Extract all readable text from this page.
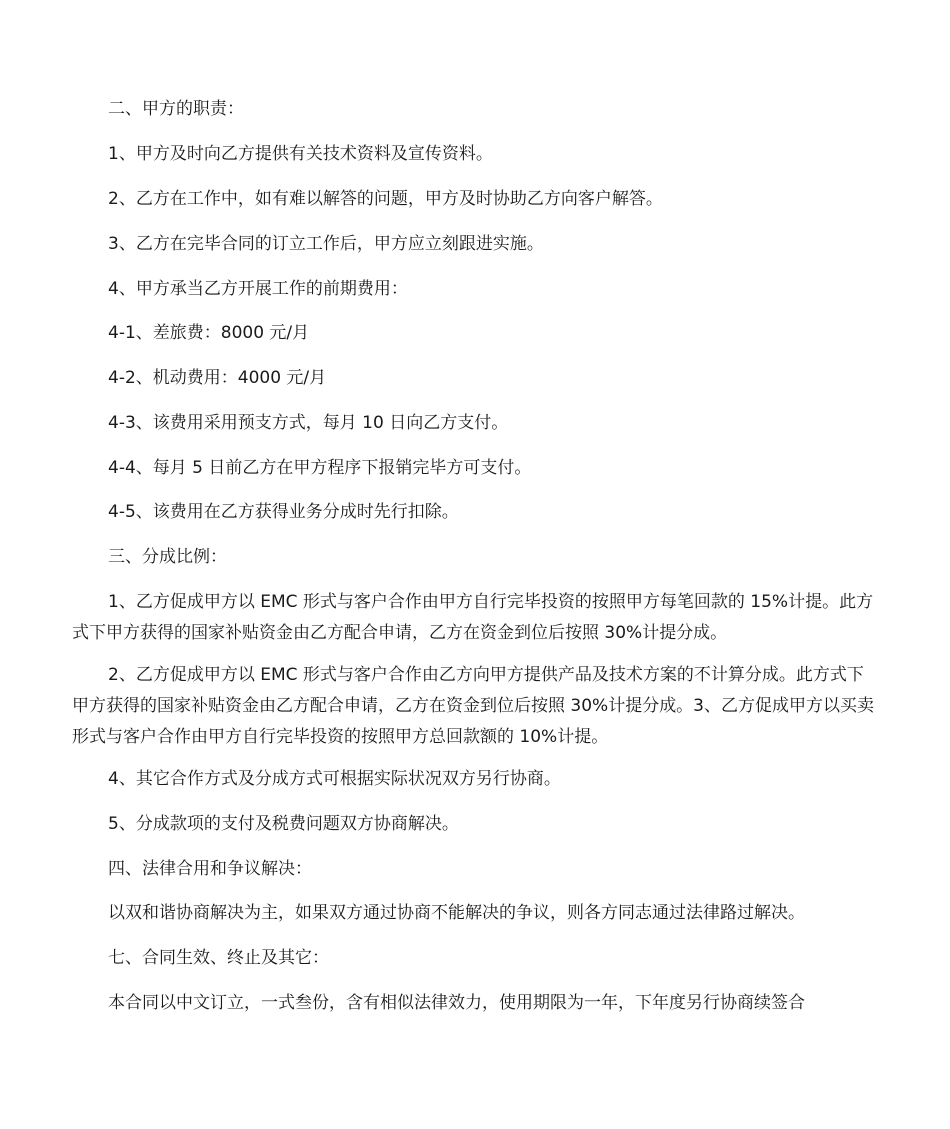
二、甲方的职责：

1、甲方及时向乙方提供有关技术资料及宣传资料。

2、乙方在工作中，如有难以解答的问题，甲方及时协助乙方向客户解答。

3、乙方在完毕合同的订立工作后，甲方应立刻跟进实施。

4、甲方承当乙方开展工作的前期费用：

4-1、差旅费：8000 元/月

4-2、机动费用：4000 元/月

4-3、该费用采用预支方式，每月 10 日向乙方支付。

4-4、每月 5 日前乙方在甲方程序下报销完毕方可支付。

4-5、该费用在乙方获得业务分成时先行扣除。

三、分成比例：

1、乙方促成甲方以 EMC 形式与客户合作由甲方自行完毕投资的按照甲方每笔回款的 15%计提。此方式下甲方获得的国家补贴资金由乙方配合申请，乙方在资金到位后按照 30%计提分成。

2、乙方促成甲方以 EMC 形式与客户合作由乙方向甲方提供产品及技术方案的不计算分成。此方式下甲方获得的国家补贴资金由乙方配合申请，乙方在资金到位后按照 30%计提分成。3、乙方促成甲方以买卖形式与客户合作由甲方自行完毕投资的按照甲方总回款额的 10%计提。

4、其它合作方式及分成方式可根据实际状况双方另行协商。

5、分成款项的支付及税费问题双方协商解决。

四、法律合用和争议解决：

以双和谐协商解决为主，如果双方通过协商不能解决的争议，则各方同志通过法律路过解决。

七、合同生效、终止及其它：

本合同以中文订立，一式叁份，含有相似法律效力，使用期限为一年，下年度另行协商续签合
